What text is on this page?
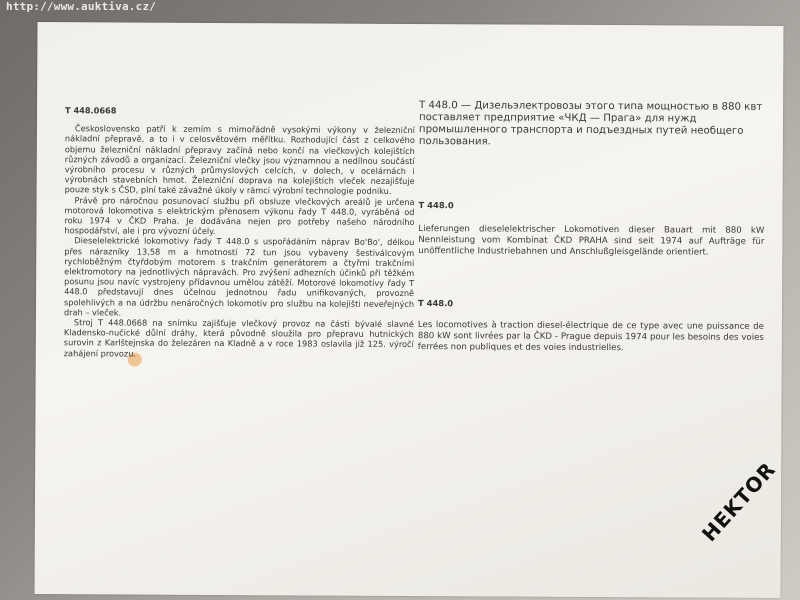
http://www.auktiva.cz/
T 448.0668

Československo patří k zemím s mimořádně vysokými výkony v železniční nákladní přepravě, a to i v celosvětovém měřítku. Rozhodující část z celkového objemu železniční nákladní přepravy začíná nebo končí na vlečkových kolejištích různých závodů a organizací. Železniční vlečky jsou významnou a nedílnou součástí výrobního procesu v různých průmyslových celcích, v dolech, v ocelárnách i výrobnách stavebních hmot. Železniční doprava na kolejištích vleček nezajišťuje pouze styk s ČSD, plní také závažné úkoly v rámci výrobní technologie podniku.

Právě pro náročnou posunovací službu při obsluze vlečkových areálů je určena motorová lokomotiva s elektrickým přenosem výkonu řady T 448.0, vyráběná od roku 1974 v ČKD Praha. Je dodávána nejen pro potřeby našeho národního hospodářství, ale i pro vývozní účely.

Dieselelektrické lokomotivy řady T 448.0 s uspořádáním náprav Bo'Bo', délkou přes nárazníky 13,58 m a hmotností 72 tun jsou vybaveny šestiválcovým rychloběžným čtyřdobým motorem s trakčním generátorem a čtyřmi trakčními elektromotory na jednotlivých nápravách. Pro zvýšení adhezních účinků při těžkém posunu jsou navíc vystrojeny přídavnou umělou zátěží. Motorové lokomotivy řady T 448.0 představují dnes účelnou jednotnou řadu unifikovaných, provozně spolehlivých a na údržbu nenáročných lokomotiv pro službu na kolejišti neveřejných drah – vleček.

Stroj T 448.0668 na snímku zajišťuje vlečkový provoz na části bývalé slavné Kladensko-nučické důlní dráhy, která původně sloužila pro přepravu hutnických surovin z Karlštejnska do železáren na Kladně a v roce 1983 oslavila již 125. výročí zahájení provozu.

T 448.0 — Дизельэлектровозы этого типа мощностью в 880 квт поставляет предприятие «ЧКД — Прага» для нужд промышленного транспорта и подъездных путей необщего пользования.
T 448.0
Lieferungen dieselelektrischer Lokomotiven dieser Bauart mit 880 kW Nennleistung vom Kombinat ČKD PRAHA sind seit 1974 auf Aufträge für unöffentliche Industriebahnen und Anschlußgleisgelände orientiert.
T 448.0
Les locomotives à traction diesel-électrique de ce type avec une puissance de 880 kW sont livrées par la ČKD - Prague depuis 1974 pour les besoins des voies ferrées non publiques et des voies industrielles.
HEKTOR
